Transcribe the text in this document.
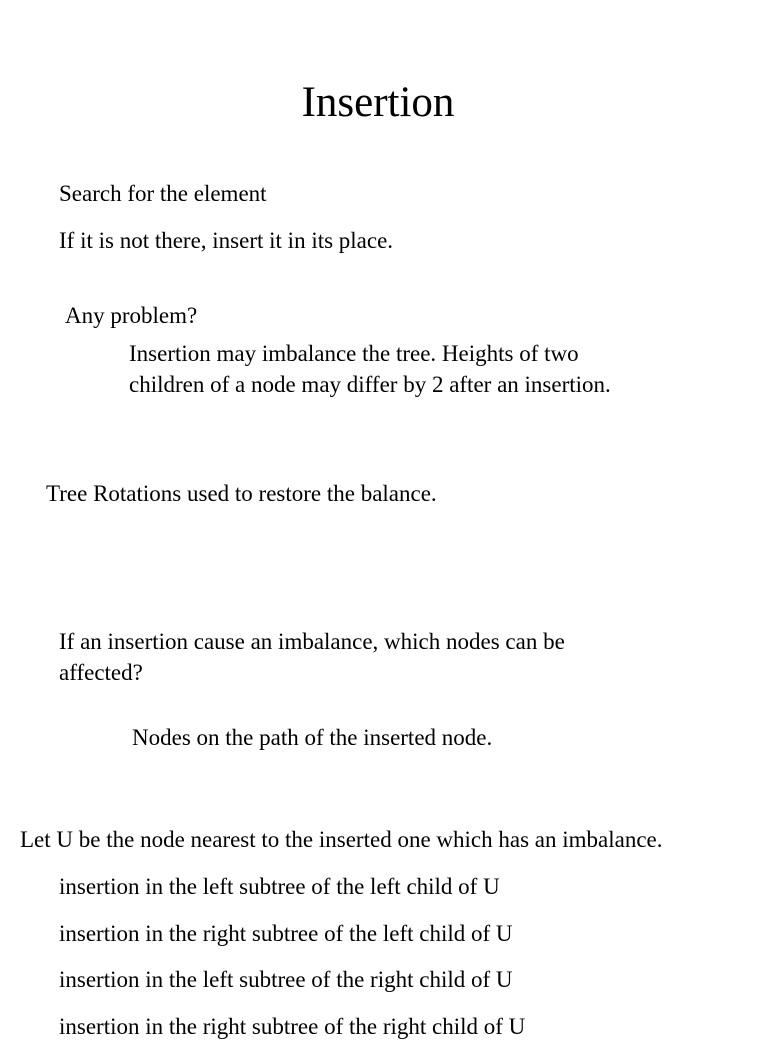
Insertion
Search for the element
If it is not there, insert it in its place.
Any problem?
Insertion may imbalance the tree. Heights of two children of a node may differ by 2 after an insertion.
Tree Rotations used to restore the balance.
If an insertion cause an imbalance, which nodes can be affected?
Nodes on the path of the inserted node.
Let U be the node nearest to the inserted one which has an imbalance.
insertion in the left subtree of the left child of U
insertion in the right subtree of the left child of U
insertion in the left subtree of the right child of U
insertion in the right subtree of the right child of U
